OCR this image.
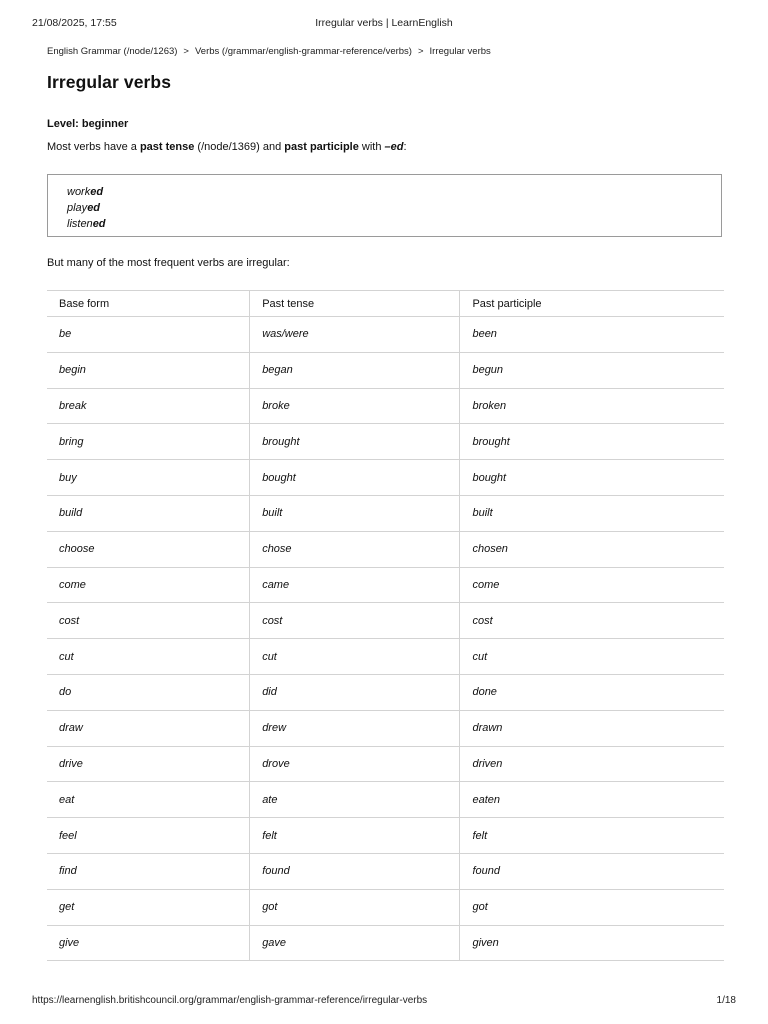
21/08/2025, 17:55	Irregular verbs | LearnEnglish
English Grammar (/node/1263) > Verbs (/grammar/english-grammar-reference/verbs) > Irregular verbs
Irregular verbs
Level: beginner
Most verbs have a past tense (/node/1369) and past participle with –ed:
worked
played
listened
But many of the most frequent verbs are irregular:
Base form	Past tense	Past participle
be	was/were	been
begin	began	begun
break	broke	broken
bring	brought	brought
buy	bought	bought
build	built	built
choose	chose	chosen
come	came	come
cost	cost	cost
cut	cut	cut
do	did	done
draw	drew	drawn
drive	drove	driven
eat	ate	eaten
feel	felt	felt
find	found	found
get	got	got
give	gave	given
https://learnenglish.britishcouncil.org/grammar/english-grammar-reference/irregular-verbs	1/18
